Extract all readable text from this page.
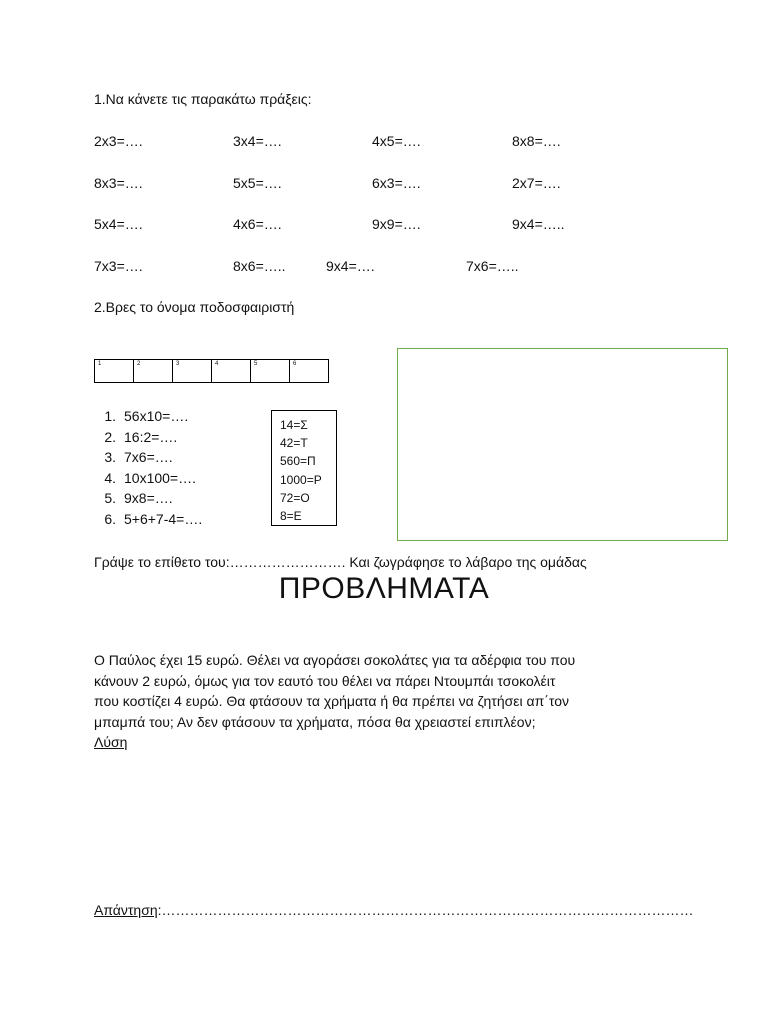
1.Να κάνετε τις παρακάτω πράξεις:
2x3=….	3x4=….	4x5=….	8x8=….
8x3=….	5x5=….	6x3=….	2x7=….
5x4=….	4x6=….	9x9=….	9x4=…..
7x3=….	8x6=…..	9x4=….	7x6=…..
2.Βρες το όνομα ποδοσφαιριστή
1	2	3	4	5	6
1. 56x10=….
2. 16:2=….
3. 7x6=….
4. 10x100=….
5. 9x8=….
6. 5+6+7-4=….
14=Σ
42=Τ
560=Π
1000=Ρ
72=Ο
8=Ε
Γράψε το επίθετο του:……………………. Και ζωγράφησε το λάβαρο της ομάδας
ΠΡΟΒΛΗΜΑΤΑ
Ο Παύλος έχει 15 ευρώ. Θέλει να αγοράσει σοκολάτες για τα αδέρφια του που
κάνουν 2 ευρώ, όμως για τον εαυτό του θέλει να πάρει Ντουμπάι τσοκολέιτ
που κοστίζει 4 ευρώ. Θα φτάσουν τα χρήματα ή θα πρέπει να ζητήσει απ΄τον
μπαμπά του; Αν δεν φτάσουν τα χρήματα, πόσα θα χρειαστεί επιπλέον;
Λύση
Απάντηση:……………………………………………………………………………………………………
